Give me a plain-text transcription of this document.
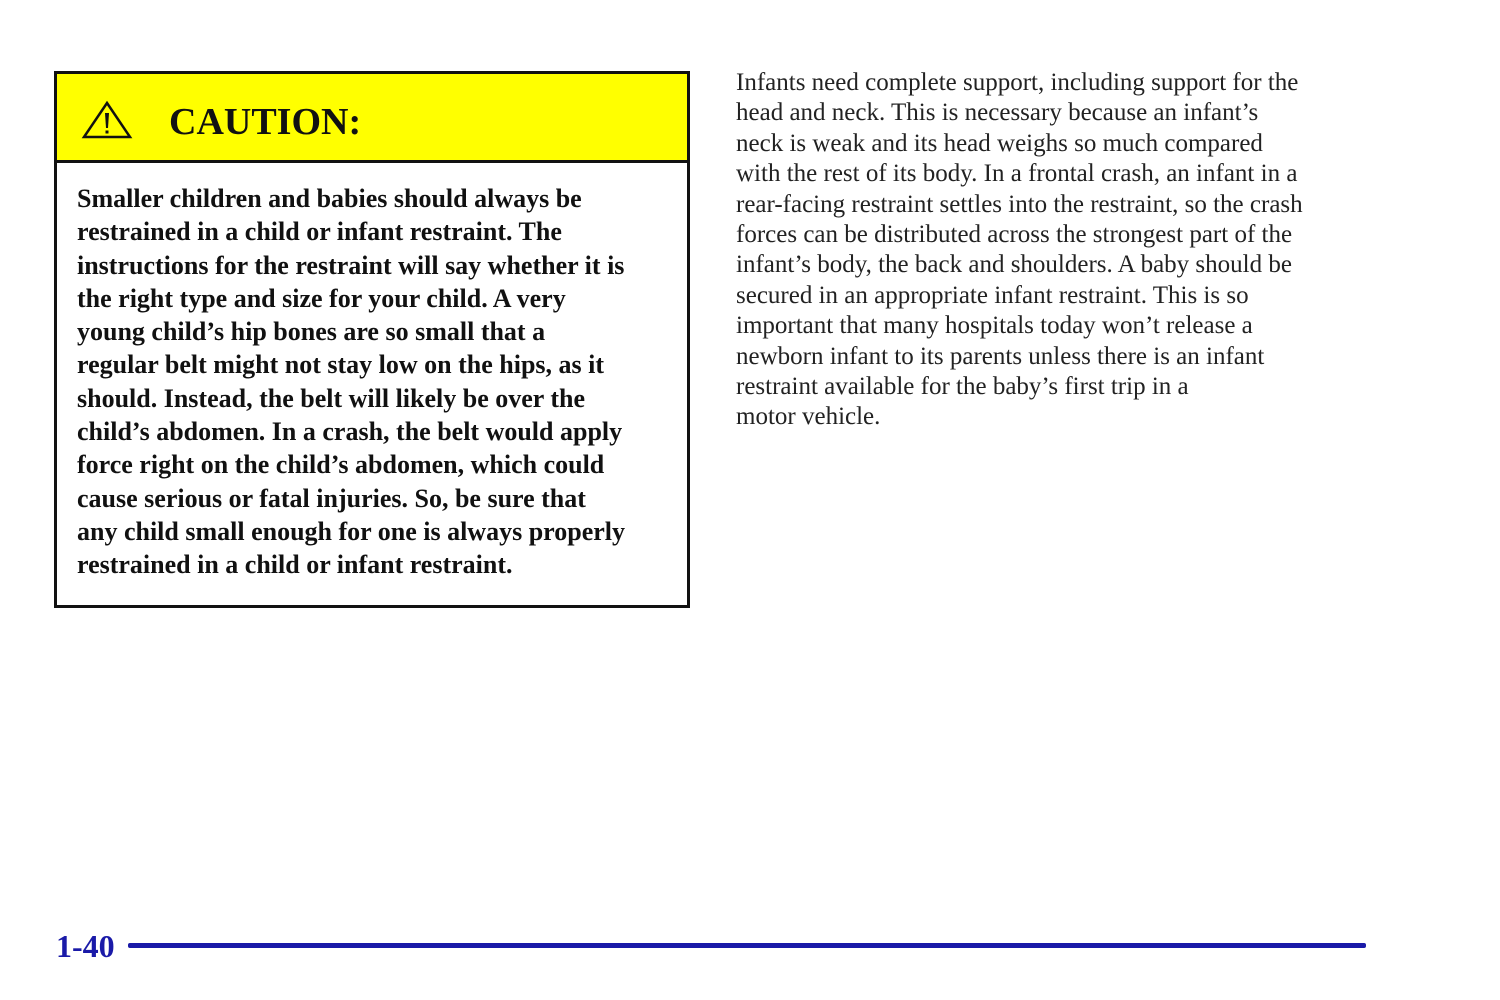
CAUTION:
Smaller children and babies should always be
restrained in a child or infant restraint. The
instructions for the restraint will say whether it is
the right type and size for your child. A very
young child’s hip bones are so small that a
regular belt might not stay low on the hips, as it
should. Instead, the belt will likely be over the
child’s abdomen. In a crash, the belt would apply
force right on the child’s abdomen, which could
cause serious or fatal injuries. So, be sure that
any child small enough for one is always properly
restrained in a child or infant restraint.
Infants need complete support, including support for the
head and neck. This is necessary because an infant’s
neck is weak and its head weighs so much compared
with the rest of its body. In a frontal crash, an infant in a
rear-facing restraint settles into the restraint, so the crash
forces can be distributed across the strongest part of the
infant’s body, the back and shoulders. A baby should be
secured in an appropriate infant restraint. This is so
important that many hospitals today won’t release a
newborn infant to its parents unless there is an infant
restraint available for the baby’s first trip in a
motor vehicle.
1-40
